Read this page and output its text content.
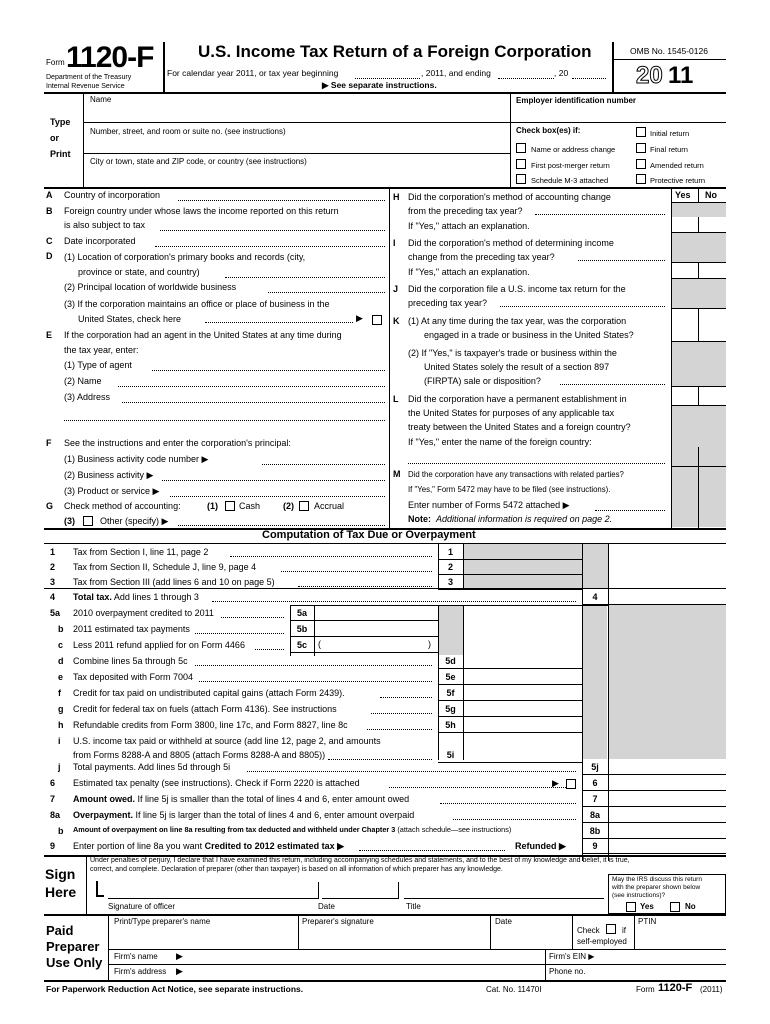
Form 1120-F
Department of the Treasury
Internal Revenue Service
U.S. Income Tax Return of a Foreign Corporation
For calendar year 2011, or tax year beginning	, 2011, and ending	, 20
▶ See separate instructions.
OMB No. 1545-0126
20 11
Type
or
Print
Name
Number, street, and room or suite no. (see instructions)
City or town, state and ZIP code, or country (see instructions)
Employer identification number
Check box(es) if:	Initial return
Name or address change	Final return
First post-merger return	Amended return
Schedule M-3 attached	Protective return
A Country of incorporation
B Foreign country under whose laws the income reported on this return
is also subject to tax
C Date incorporated
D (1) Location of corporation's primary books and records (city,
province or state, and country)
(2) Principal location of worldwide business
(3) If the corporation maintains an office or place of business in the
United States, check here	▶
E If the corporation had an agent in the United States at any time during
the tax year, enter:
(1) Type of agent
(2) Name
(3) Address
F See the instructions and enter the corporation's principal:
(1) Business activity code number ▶
(2) Business activity ▶
(3) Product or service ▶
G Check method of accounting:	(1) Cash	(2) Accrual
(3)	Other (specify) ▶
Yes No
H Did the corporation's method of accounting change
from the preceding tax year?
If "Yes," attach an explanation.
I Did the corporation's method of determining income
change from the preceding tax year?
If "Yes," attach an explanation.
J Did the corporation file a U.S. income tax return for the
preceding tax year?
K (1) At any time during the tax year, was the corporation
engaged in a trade or business in the United States?
(2) If "Yes," is taxpayer's trade or business within the
United States solely the result of a section 897
(FIRPTA) sale or disposition?
L Did the corporation have a permanent establishment in
the United States for purposes of any applicable tax
treaty between the United States and a foreign country?
If "Yes," enter the name of the foreign country:
M Did the corporation have any transactions with related parties?
If "Yes," Form 5472 may have to be filed (see instructions).
Enter number of Forms 5472 attached ▶
Note: Additional information is required on page 2.
Computation of Tax Due or Overpayment
Sign
Here
Under penalties of perjury, I declare that I have examined this return, including accompanying schedules and statements, and to the best of my knowledge and belief, it is true,
correct, and complete. Declaration of preparer (other than taxpayer) is based on all information of which preparer has any knowledge.
Signature of officer	Date	Title
May the IRS discuss this return
with the preparer shown below
(see instructions)?
Yes	No
Paid
Preparer
Use Only
Print/Type preparer's name	Preparer's signature	Date
Check	if
self-employed
PTIN
Firm's name ▶	Firm's EIN ▶
Firm's address ▶	Phone no.
For Paperwork Reduction Act Notice, see separate instructions.	Cat. No. 11470I	Form 1120-F (2011)
1 Tax from Section I, line 11, page 2	1
2 Tax from Section II, Schedule J, line 9, page 4	2
3 Tax from Section III (add lines 6 and 10 on page 5)	3
4 Total tax. Add lines 1 through 3	4
5a 2010 overpayment credited to 2011	5a
b 2011 estimated tax payments	5b
c Less 2011 refund applied for on Form 4466	5c
d Combine lines 5a through 5c	5d
e Tax deposited with Form 7004	5e
f Credit for tax paid on undistributed capital gains (attach Form 2439).	5f
g Credit for federal tax on fuels (attach Form 4136). See instructions	5g
h Refundable credits from Form 3800, line 17c, and Form 8827, line 8c	5h
i U.S. income tax paid or withheld at source (add line 12, page 2, and amounts
from Forms 8288-A and 8805 (attach Forms 8288-A and 8805))	5i
j Total payments. Add lines 5d through 5i	5j
6 Estimated tax penalty (see instructions). Check if Form 2220 is attached	6
7 Amount owed. If line 5j is smaller than the total of lines 4 and 6, enter amount owed	7
8a Overpayment. If line 5j is larger than the total of lines 4 and 6, enter amount overpaid	8a
b Amount of overpayment on line 8a resulting from tax deducted and withheld under Chapter 3 (attach schedule—see instructions)	8b
9 Enter portion of line 8a you want Credited to 2012 estimated tax ▶	Refunded ▶	9
(	)
▶
